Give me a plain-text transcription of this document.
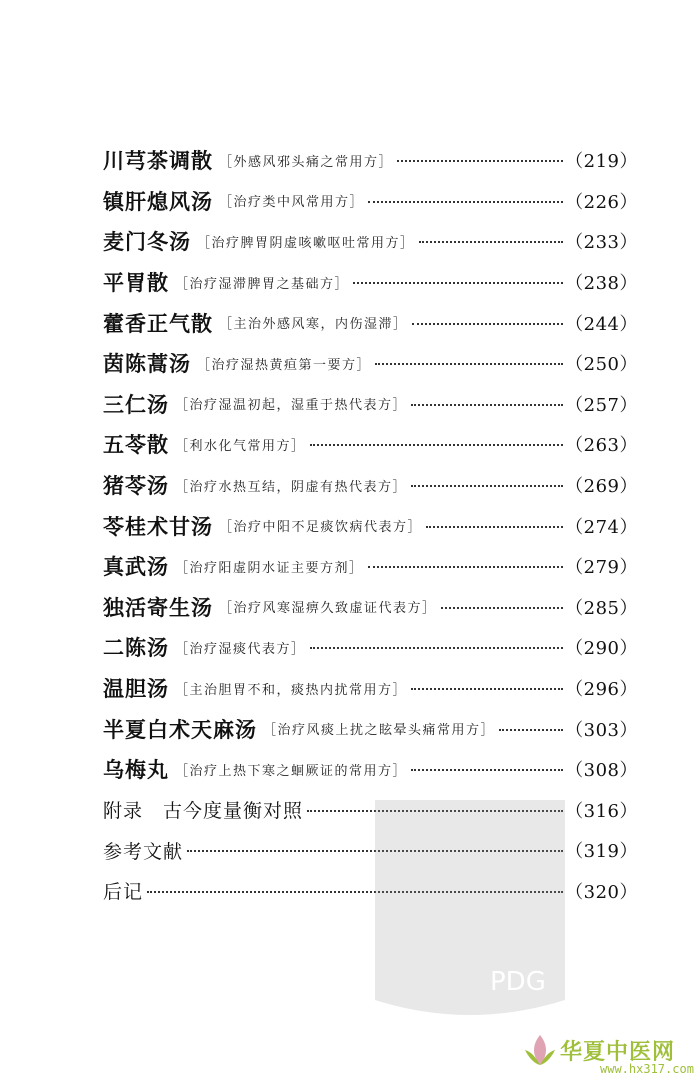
川芎茶调散 ［外感风邪头痛之常用方］	（219）
镇肝熄风汤 ［治疗类中风常用方］	（226）
麦门冬汤 ［治疗脾胃阴虚咳嗽呕吐常用方］	（233）
平胃散 ［治疗湿滞脾胃之基础方］	（238）
藿香正气散 ［主治外感风寒，内伤湿滞］	（244）
茵陈蒿汤 ［治疗湿热黄疸第一要方］	（250）
三仁汤 ［治疗湿温初起，湿重于热代表方］	（257）
五苓散 ［利水化气常用方］	（263）
猪苓汤 ［治疗水热互结，阴虚有热代表方］	（269）
苓桂术甘汤 ［治疗中阳不足痰饮病代表方］	（274）
真武汤 ［治疗阳虚阴水证主要方剂］	（279）
独活寄生汤 ［治疗风寒湿痹久致虚证代表方］	（285）
二陈汤 ［治疗湿痰代表方］	（290）
温胆汤 ［主治胆胃不和，痰热内扰常用方］	（296）
半夏白术天麻汤 ［治疗风痰上扰之眩晕头痛常用方］	（303）
乌梅丸 ［治疗上热下寒之蛔厥证的常用方］	（308）
附录　古今度量衡对照	（316）
参考文献	（319）
后记	（320）
PDG
华夏中医网
www.hx317.com
